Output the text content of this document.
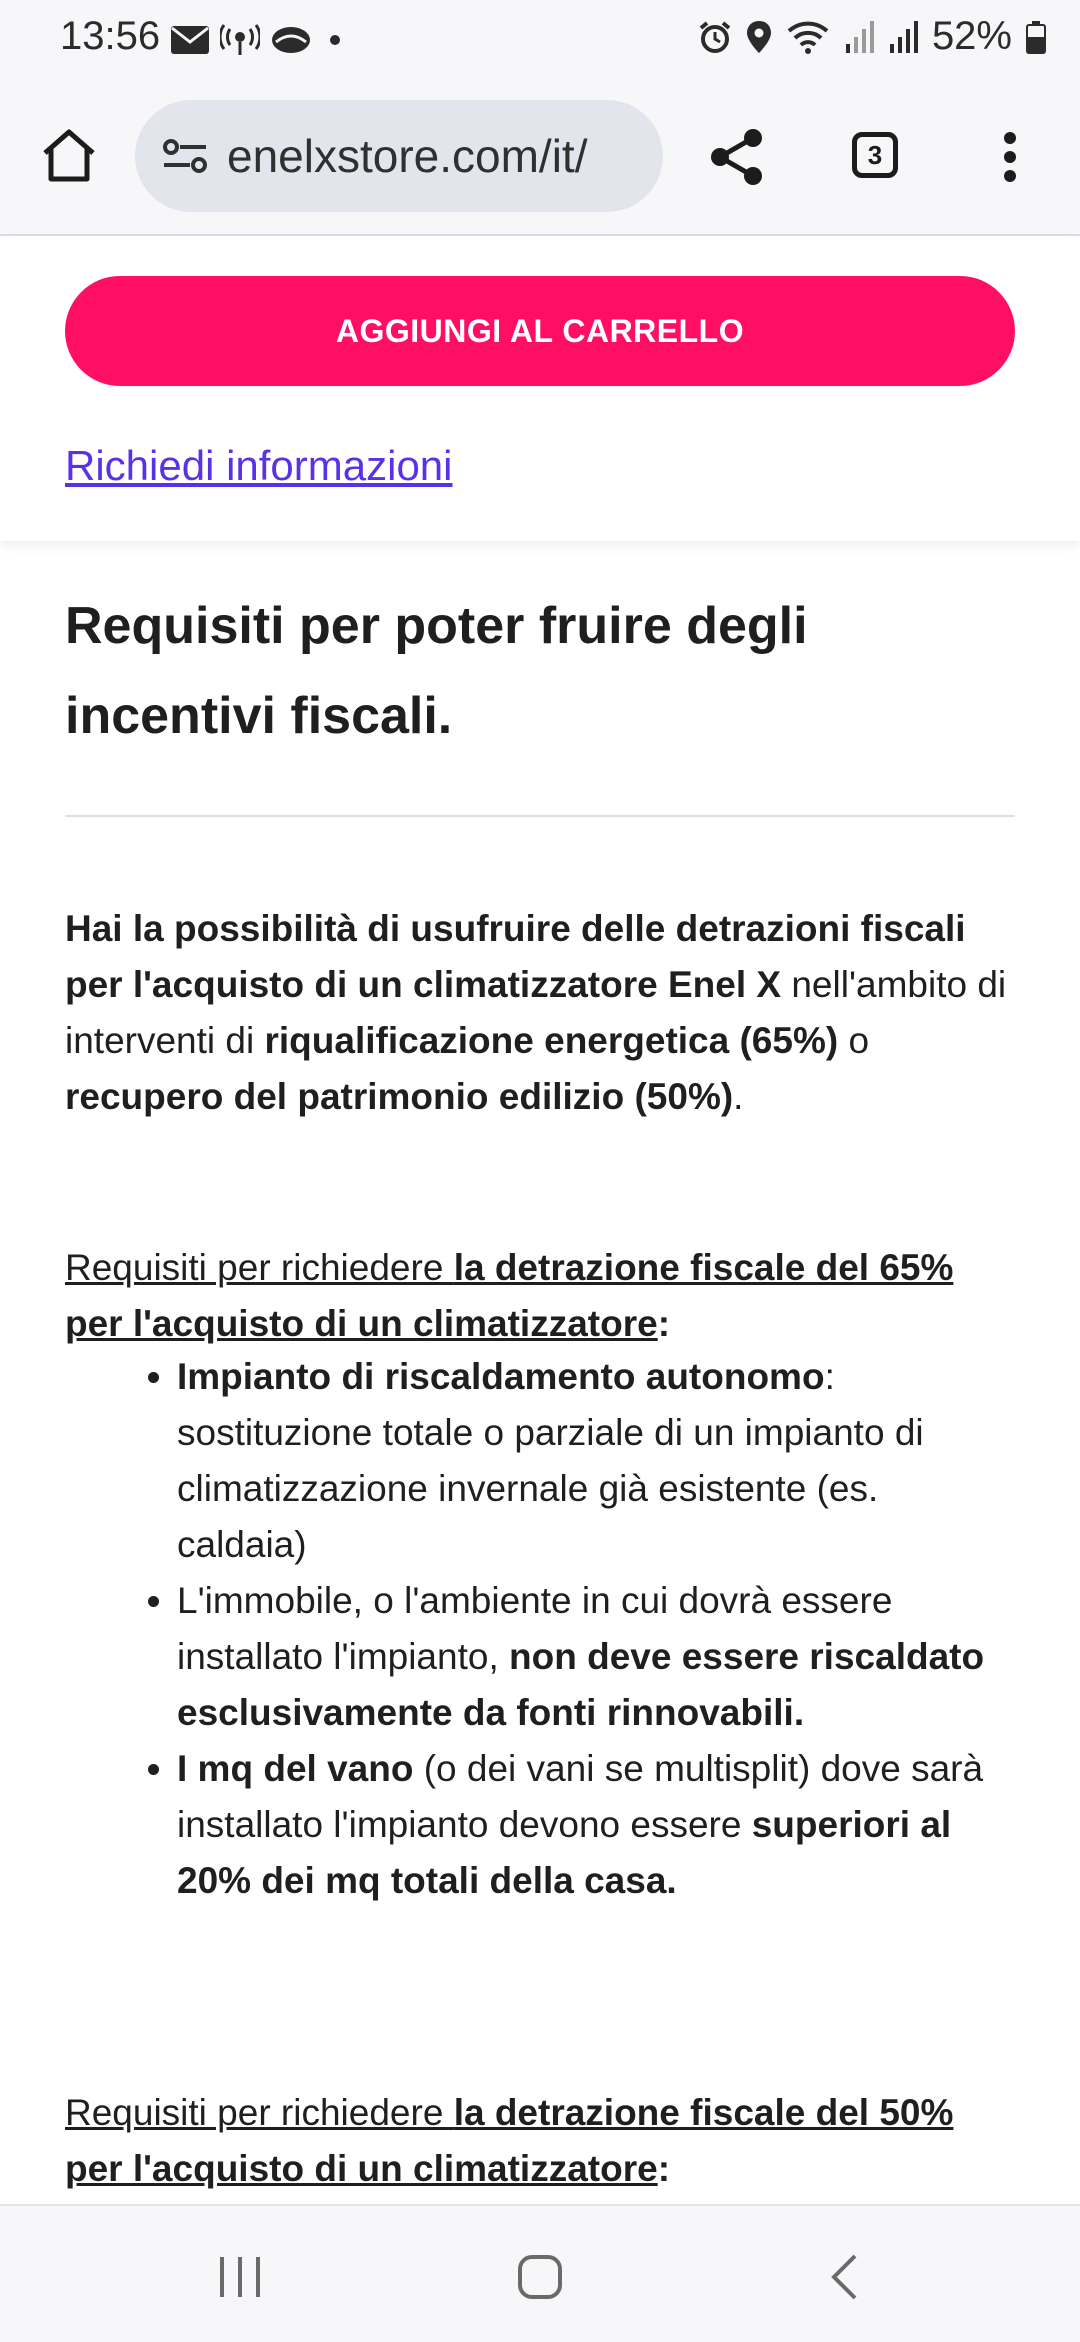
13:56	52%
enelxstore.com/it/	3
AGGIUNGI AL CARRELLO
Richiedi informazioni
Requisiti per poter fruire degli incentivi fiscali.

Hai la possibilità di usufruire delle detrazioni fiscali per l'acquisto di un climatizzatore Enel X nell'ambito di interventi di riqualificazione energetica (65%) o recupero del patrimonio edilizio (50%).

Requisiti per richiedere la detrazione fiscale del 65% per l'acquisto di un climatizzatore:

• Impianto di riscaldamento autonomo: sostituzione totale o parziale di un impianto di climatizzazione invernale già esistente (es. caldaia)
• L'immobile, o l'ambiente in cui dovrà essere installato l'impianto, non deve essere riscaldato esclusivamente da fonti rinnovabili.
• I mq del vano (o dei vani se multisplit) dove sarà installato l'impianto devono essere superiori al 20% dei mq totali della casa.

Requisiti per richiedere la detrazione fiscale del 50% per l'acquisto di un climatizzatore:
